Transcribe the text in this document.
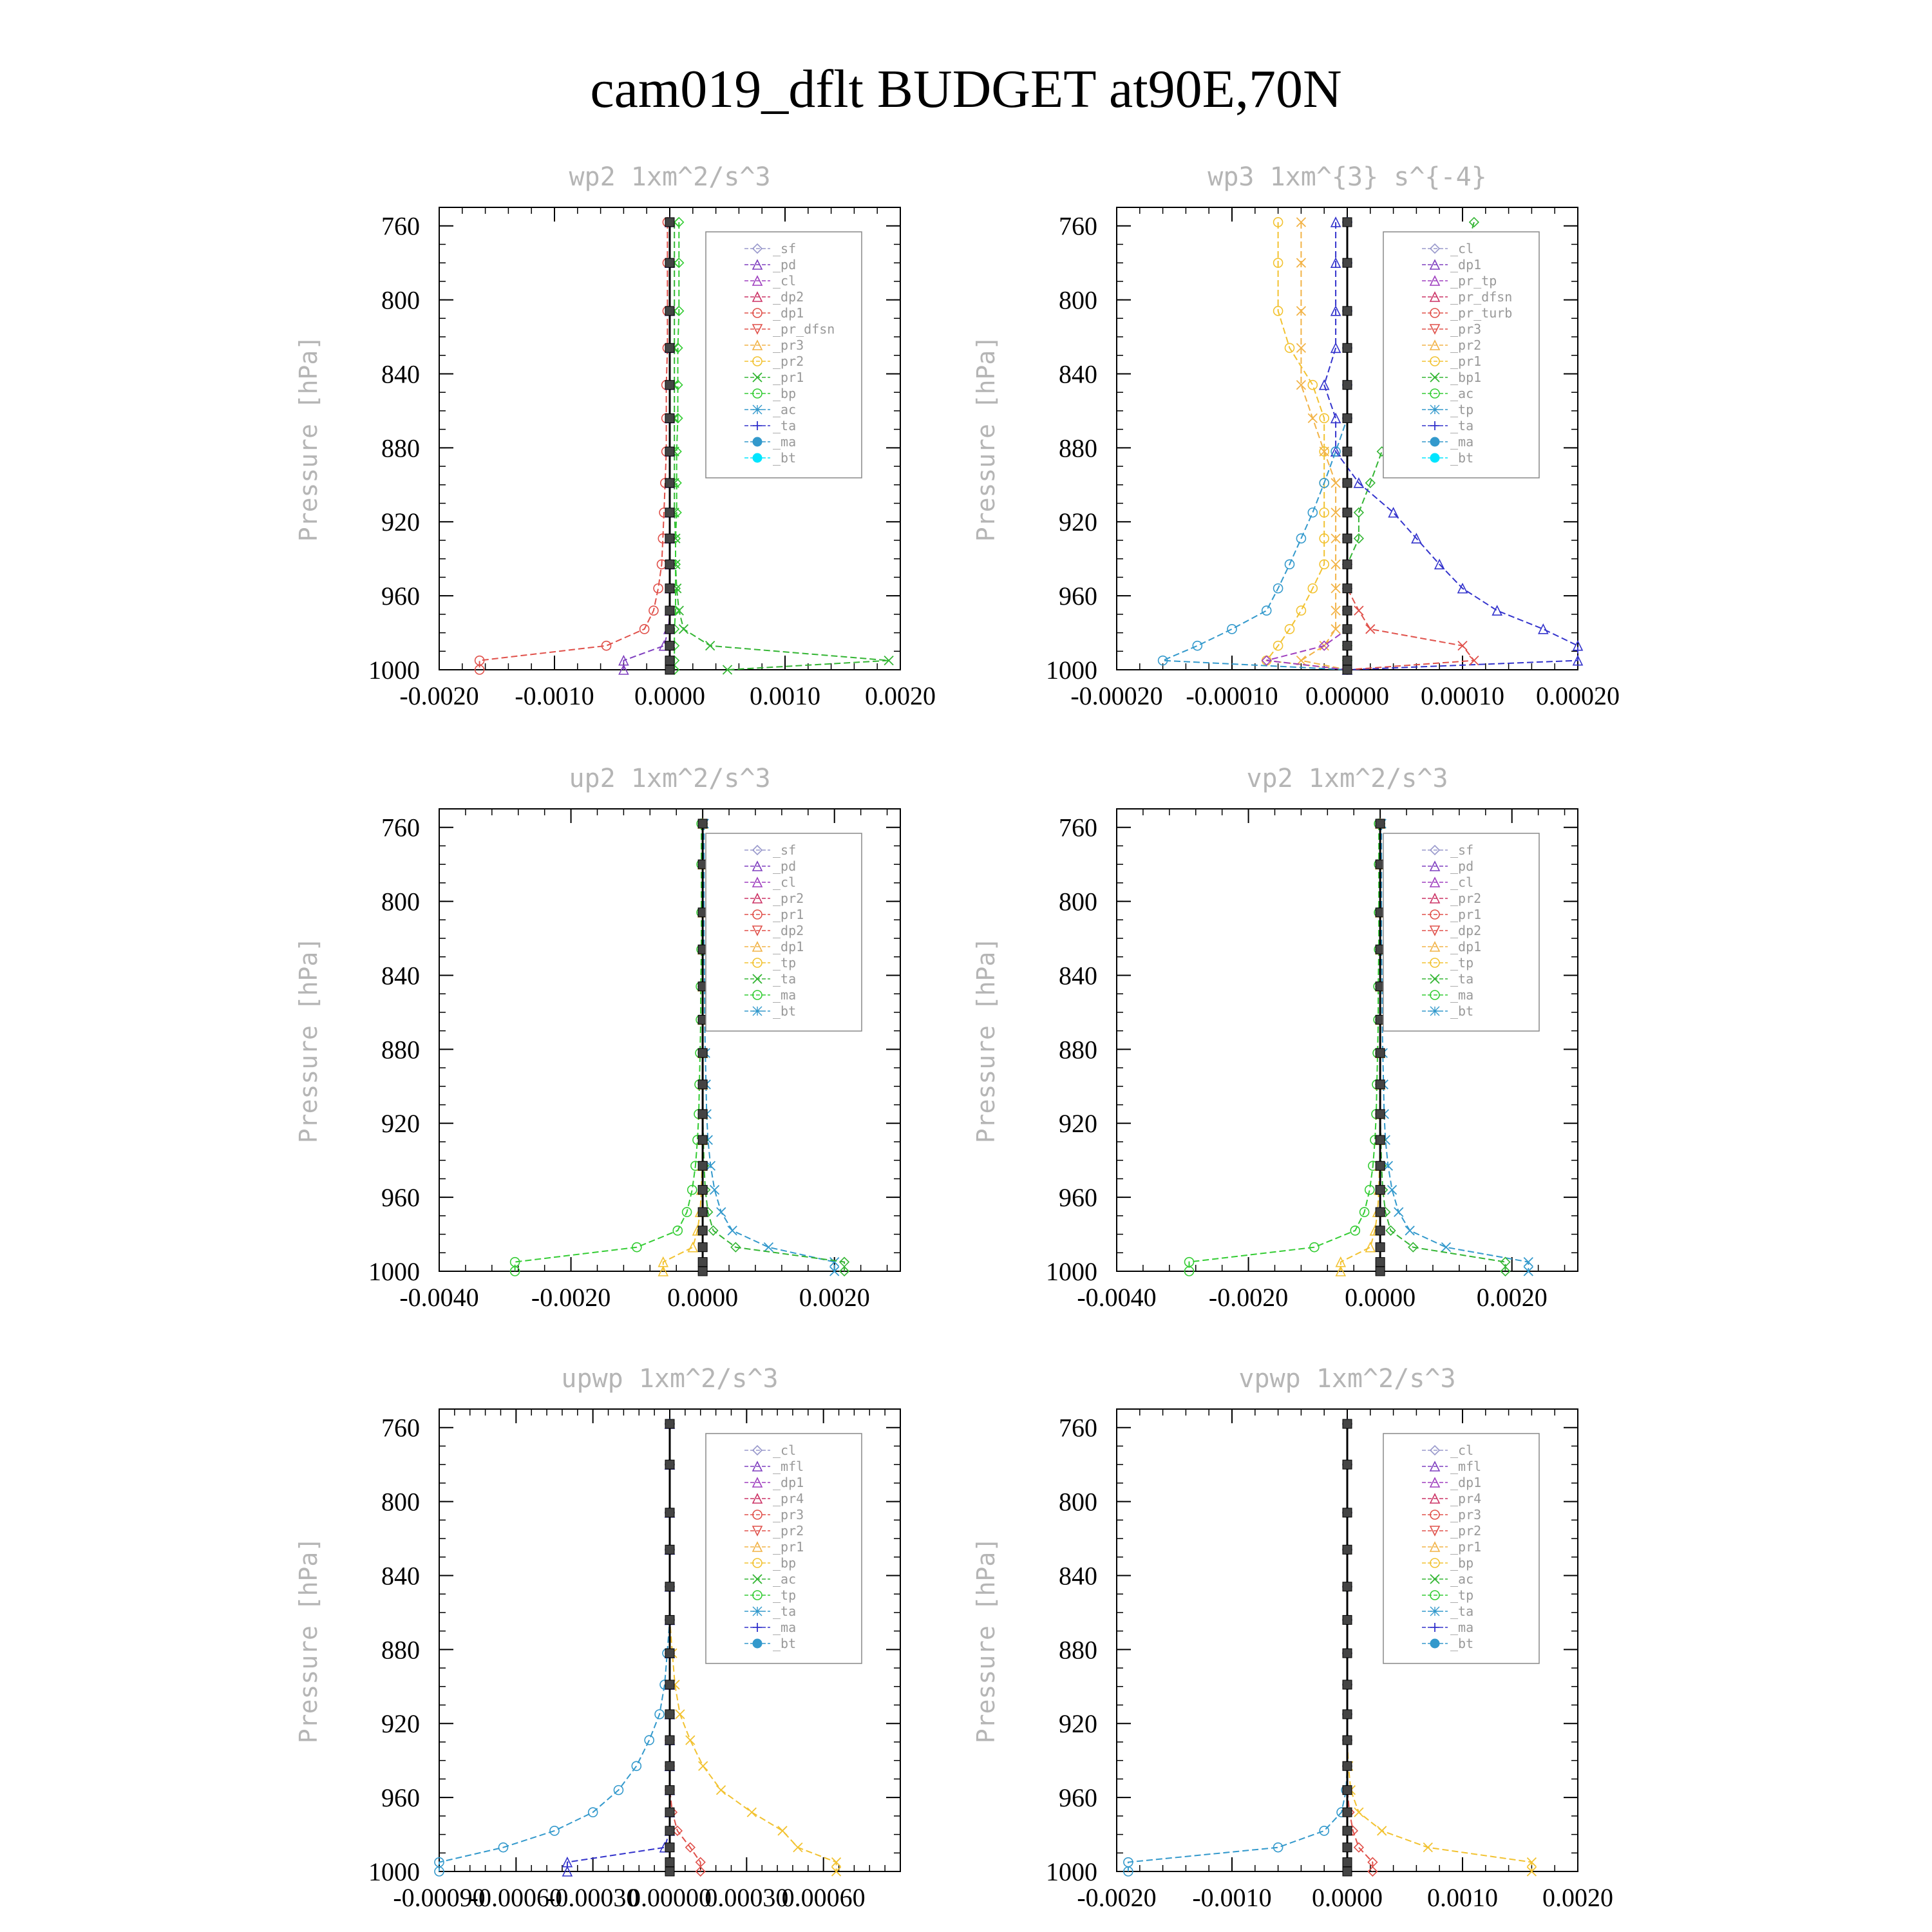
cam019_dflt BUDGET at90E,70N
wp2 1xm^2/s^3
Pressure [hPa]
760
800
840
880
920
960
1000
-0.0020 -0.0010 0.0000 0.0010 0.0020
_sf
_pd
_cl
_dp2
_dp1
_pr_dfsn
_pr3
_pr2
_pr1
_bp
_ac
_ta
_ma
_bt
wp3 1xm^{3} s^{-4}
Pressure [hPa]
760
800
840
880
920
960
1000
-0.00020 -0.00010 0.00000 0.00010 0.00020
_cl
_dp1
_pr_tp
_pr_dfsn
_pr_turb
_pr3
_pr2
_pr1
_bp1
_ac
_tp
_ta
_ma
_bt
up2 1xm^2/s^3
Pressure [hPa]
760
800
840
880
920
960
1000
-0.0040 -0.0020 0.0000 0.0020
_sf
_pd
_cl
_pr2
_pr1
_dp2
_dp1
_tp
_ta
_ma
_bt
vp2 1xm^2/s^3
Pressure [hPa]
760
800
840
880
920
960
1000
-0.0040 -0.0020 0.0000 0.0020
_sf
_pd
_cl
_pr2
_pr1
_dp2
_dp1
_tp
_ta
_ma
_bt
upwp 1xm^2/s^3
Pressure [hPa]
760
800
840
880
920
960
1000
-0.00090
-0.00060
-0.00030
0.00000
0.00030
0.00060
_cl
_mfl
_dp1
_pr4
_pr3
_pr2
_pr1
_bp
_ac
_tp
_ta
_ma
_bt
vpwp 1xm^2/s^3
Pressure [hPa]
760
800
840
880
920
960
1000
-0.0020 -0.0010 0.0000 0.0010 0.0020
_cl
_mfl
_dp1
_pr4
_pr3
_pr2
_pr1
_bp
_ac
_tp
_ta
_ma
_bt
